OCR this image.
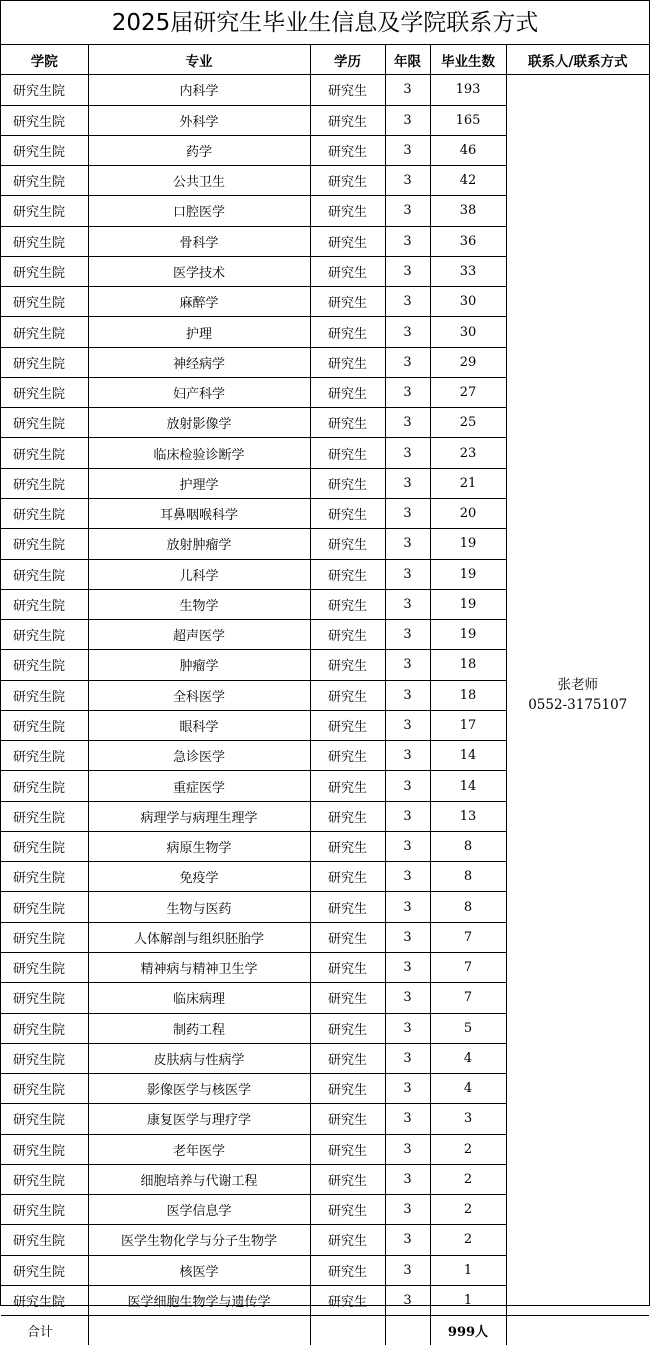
2025届研究生毕业生信息及学院联系方式
学院	专业	学历	年限	毕业生数	联系人/联系方式
研究生院	内科学	研究生	3	193	张老师
0552-3175107

研究生院	外科学	研究生	3	165	
研究生院	药学	研究生	3	46	
研究生院	公共卫生	研究生	3	42	
研究生院	口腔医学	研究生	3	38	
研究生院	骨科学	研究生	3	36	
研究生院	医学技术	研究生	3	33	
研究生院	麻醉学	研究生	3	30	
研究生院	护理	研究生	3	30	
研究生院	神经病学	研究生	3	29	
研究生院	妇产科学	研究生	3	27	
研究生院	放射影像学	研究生	3	25	
研究生院	临床检验诊断学	研究生	3	23	
研究生院	护理学	研究生	3	21	
研究生院	耳鼻咽喉科学	研究生	3	20	
研究生院	放射肿瘤学	研究生	3	19	
研究生院	儿科学	研究生	3	19	
研究生院	生物学	研究生	3	19	
研究生院	超声医学	研究生	3	19	
研究生院	肿瘤学	研究生	3	18	
研究生院	全科医学	研究生	3	18	
研究生院	眼科学	研究生	3	17	
研究生院	急诊医学	研究生	3	14	
研究生院	重症医学	研究生	3	14	
研究生院	病理学与病理生理学	研究生	3	13	
研究生院	病原生物学	研究生	3	8	
研究生院	免疫学	研究生	3	8	
研究生院	生物与医药	研究生	3	8	
研究生院	人体解剖与组织胚胎学	研究生	3	7	
研究生院	精神病与精神卫生学	研究生	3	7	
研究生院	临床病理	研究生	3	7	
研究生院	制药工程	研究生	3	5	
研究生院	皮肤病与性病学	研究生	3	4	
研究生院	影像医学与核医学	研究生	3	4	
研究生院	康复医学与理疗学	研究生	3	3	
研究生院	老年医学	研究生	3	2	
研究生院	细胞培养与代谢工程	研究生	3	2	
研究生院	医学信息学	研究生	3	2	
研究生院	医学生物化学与分子生物学	研究生	3	2	
研究生院	核医学	研究生	3	1	
研究生院	医学细胞生物学与遗传学	研究生	3	1	
合计				999人	
